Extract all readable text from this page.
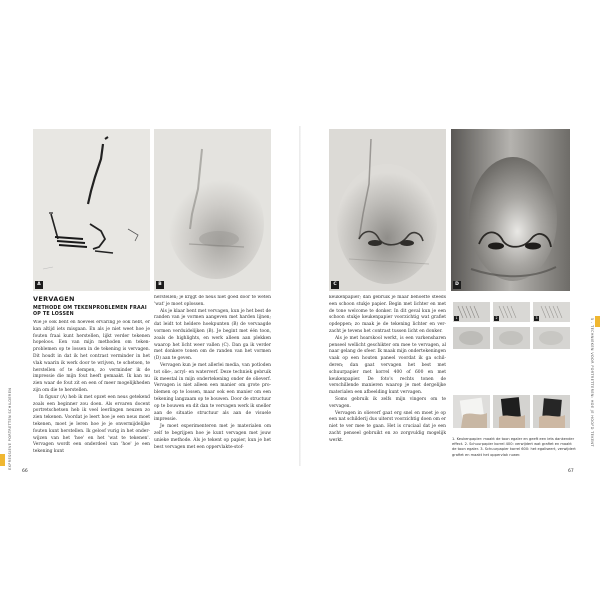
EXPRESSIEVE PORTRETTEN SCHILDEREN	5 - TECHNIEKEN VOOR PORTRETTEREN: HOE JE HOOFD TEKENT
A	B
VERVAGEN
METHODE OM TEKENPROBLEMEN FRAAI OP TE LOSSEN

Wie je ook bent en hoeveel ervaring je ook hebt, er kan altijd iets misgaan. En als je niet weet hoe je fouten fraai kunt herstellen, lijkt verder tekenen hopeloos. Een van mijn methoden om teken-problemen op te lossen in de tekening is vervagen. Dit houdt in dat ik het contrast verminder in het vlak waarin ik werk door te wrijven, te schetsen, te herstellen of te dempen, zo verminder ik de impressie die mijn fout heeft gemaakt. Ik kan nu zien waar de fout zit en een of meer mogelijkheden zijn om die te herstellen.

In figuur (A) heb ik met opzet een neus getekend zoals een beginner zou doen. Als ervaren docent portretschetsen heb ik veel leerlingen neuzen zo zien tekenen. Voordat je leert hoe je een neus moet tekenen, moet je leren hoe je je onvermijdelijke fouten kunt herstellen. Ik geloof vurig in het onder-wijzen van het 'hoe' en het 'wat te tekenen'. Vervagen wordt een onderdeel van 'hoe' je een tekening kunt

herstellen; je krijgt de neus niet goed door te weten 'wat' je moet oplossen.

Als je klaar bent met vervagen, kun je het best de randen van je vormen aangeven met harden lijnen; dat leidt tot heldere hoekpunten (B) de vervaagde vormen verduidelijken (B). Je begint met één toon, zoals de highlights, en werk alleen aan plekken waarop het licht weer vallen (C). Dan ga ik verder met donkere tonen om de randen van het vormen (D) aan te geven.

Vervagen kun je met allerlei media, van potloden tot olie-, acryl- en waterverf. Deze techniek gebruik ik meestal in mijn ondertekening onder de olieverf. Vervagen is niet alleen een manier om grote pro-blemen op te lossen, maar ook een manier om een tekening langzaam op te bouwen. Door de structuur op te bouwen en dit dan te vervagen werk ik sneller aan de situatie structuur als aan de visuele impressie.

Je moet experimenteren met je materialen om zelf te begrijpen hoe je kunt vervagen met jouw unieke methode. Als je tekent op papier, kun je het best vervagen met een oppervlakte-stof-

66
C	D

keukenpapier; dan gebruik je maar behoefte steeds een schoon stukje papier. Begin met lichter en met de tone welcome te donker. In dit geval kun je een schoon stukje keukenpapier voorzichtig wat grafiet opdeppen; zo maak je de tekening lichter en ver-zacht je tevens het contrast tussen licht en donker.

Als je met hoarskool werkt, is een varkensharen penseel wellicht geschikter om mee te vervagen, al naar gelang de sfeer. Ik maak mijn ondertekeningen vaak op een houten paneel voordat ik ga schil-deren; dan gaat vervagen het best met schuurpapier met korrel 400 of 600 en met keukenpapier. De foto's rechts tonen de verschillende manieren waarop je met dergelijke materialen een afbeelding kunt vervagen.

Soms gebruik ik zelfs mijn vingers om te vervagen.

Vervagen in olieverf gaat erg snel en moet je op een nat schilderij dus uiterst voorzichtig doen om er niet te ver mee te gaan. Het is cruciaal dat je een zacht penseel gebruikt en zo zorgvuldig mogelijk werkt.

1	2	3
1. Keukenpapier: maakt de toon egaler en geeft een iets dankender effect. 2. Schuurpapier korrel 400: verwijdert wat grafiet en maakt de toon egaler. 3. Schuurpapier korrel 600: het egaliseert, verwijdert grafiet en maakt het oppervlak ruwer.
67
